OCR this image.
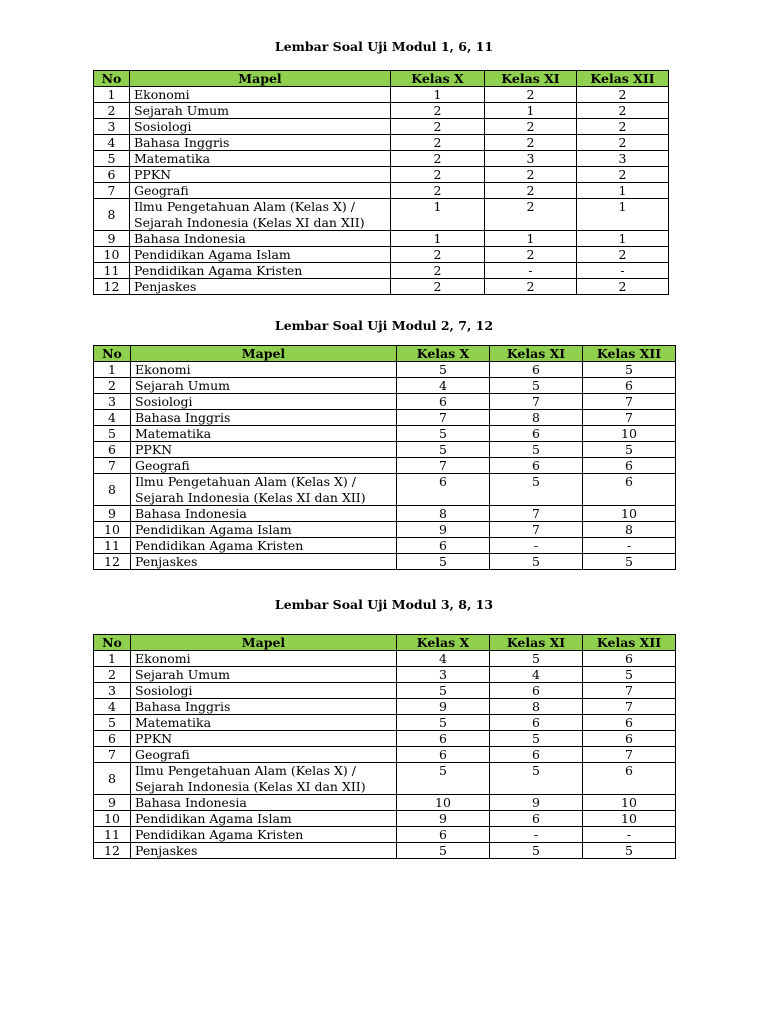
Lembar Soal Uji Modul 1, 6, 11
No	Mapel	Kelas X	Kelas XI	Kelas XII
1	Ekonomi	1	2	2
2	Sejarah Umum	2	1	2
3	Sosiologi	2	2	2
4	Bahasa Inggris	2	2	2
5	Matematika	2	3	3
6	PPKN	2	2	2
7	Geografi	2	2	1
8	Ilmu Pengetahuan Alam (Kelas X) /
Sejarah Indonesia (Kelas XI dan XII)	1	2	1
9	Bahasa Indonesia	1	1	1
10	Pendidikan Agama Islam	2	2	2
11	Pendidikan Agama Kristen	2	-	-
12	Penjaskes	2	2	2
Lembar Soal Uji Modul 2, 7, 12
No	Mapel	Kelas X	Kelas XI	Kelas XII
1	Ekonomi	5	6	5
2	Sejarah Umum	4	5	6
3	Sosiologi	6	7	7
4	Bahasa Inggris	7	8	7
5	Matematika	5	6	10
6	PPKN	5	5	5
7	Geografi	7	6	6
8	Ilmu Pengetahuan Alam (Kelas X) /
Sejarah Indonesia (Kelas XI dan XII)	6	5	6
9	Bahasa Indonesia	8	7	10
10	Pendidikan Agama Islam	9	7	8
11	Pendidikan Agama Kristen	6	-	-
12	Penjaskes	5	5	5
Lembar Soal Uji Modul 3, 8, 13
No	Mapel	Kelas X	Kelas XI	Kelas XII
1	Ekonomi	4	5	6
2	Sejarah Umum	3	4	5
3	Sosiologi	5	6	7
4	Bahasa Inggris	9	8	7
5	Matematika	5	6	6
6	PPKN	6	5	6
7	Geografi	6	6	7
8	Ilmu Pengetahuan Alam (Kelas X) /
Sejarah Indonesia (Kelas XI dan XII)	5	5	6
9	Bahasa Indonesia	10	9	10
10	Pendidikan Agama Islam	9	6	10
11	Pendidikan Agama Kristen	6	-	-
12	Penjaskes	5	5	5
